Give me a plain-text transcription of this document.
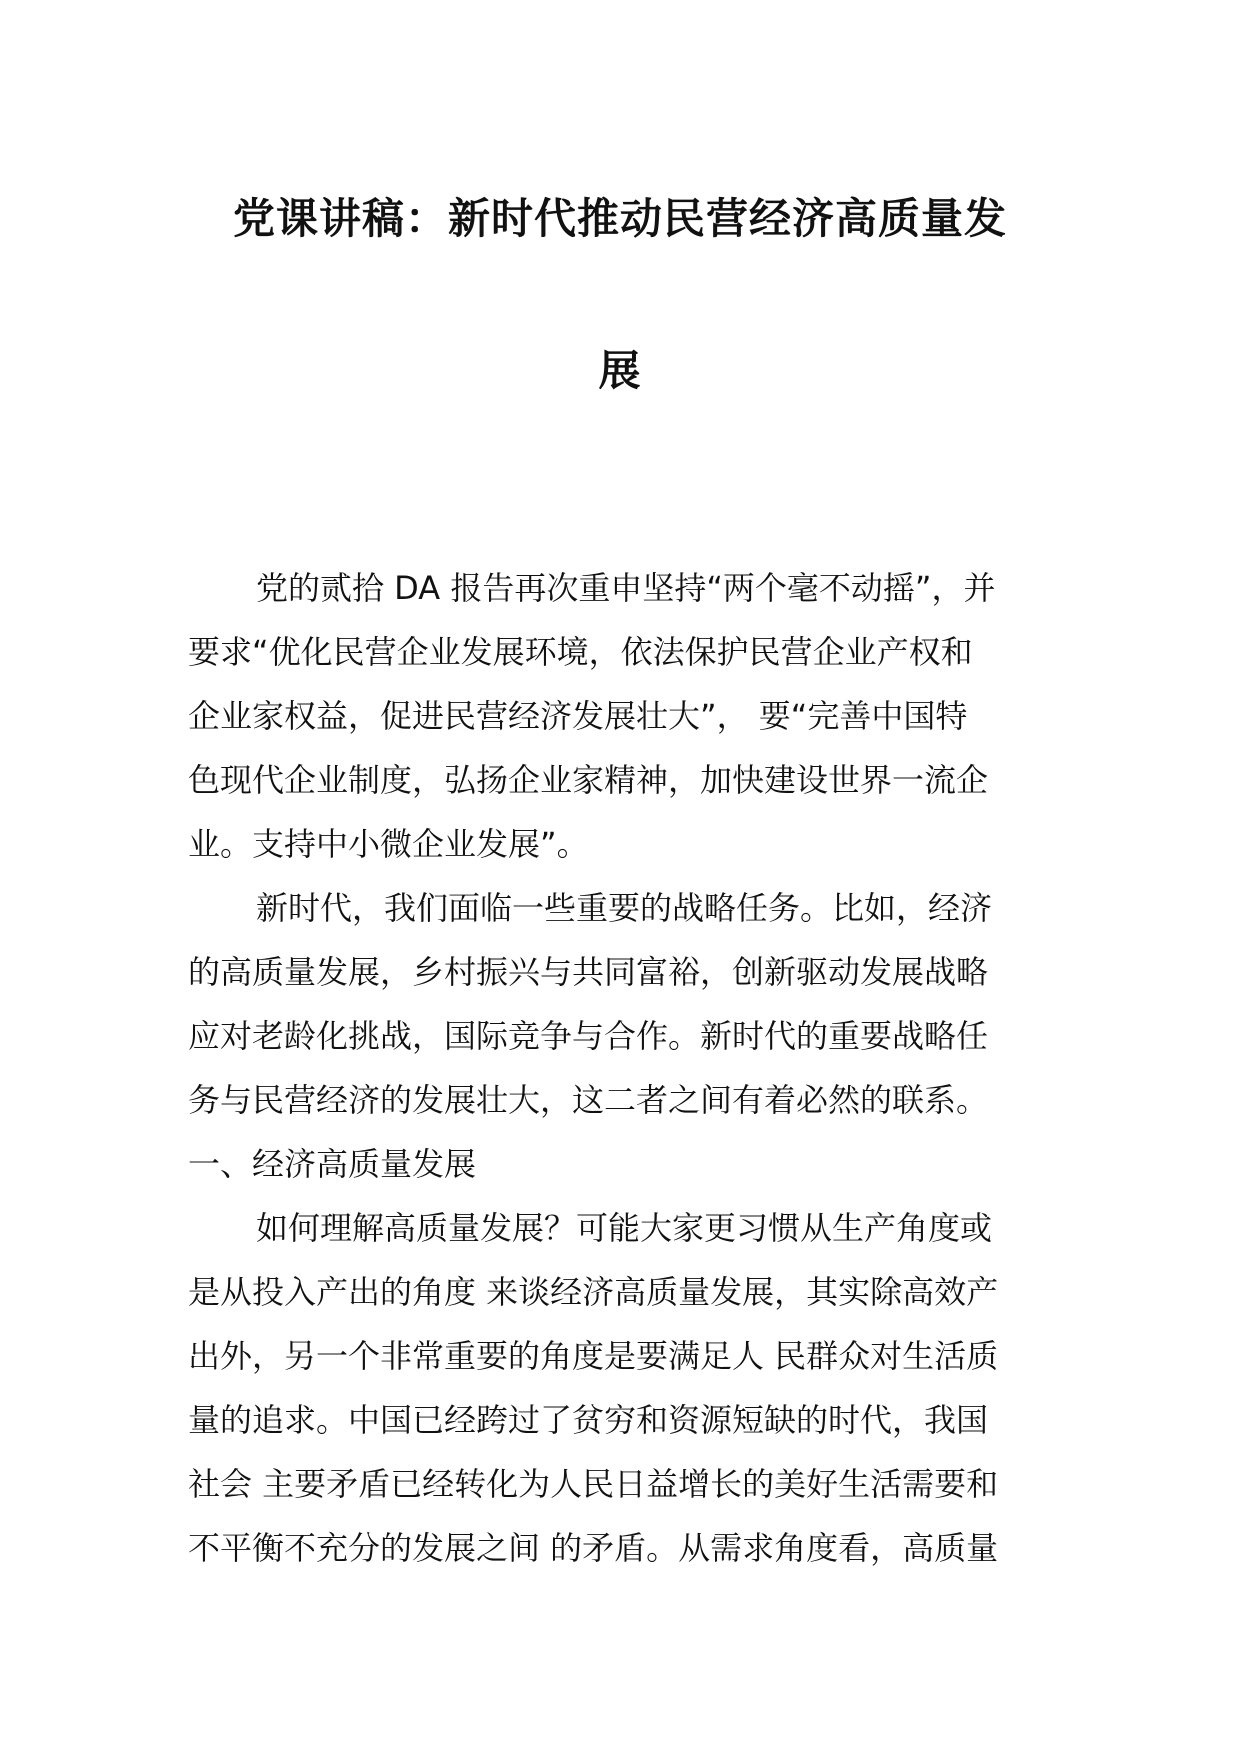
党课讲稿：新时代推动民营经济高质量发
展
党的贰拾 DA 报告再次重申坚持“两个毫不动摇”，并
要求“优化民营企业发展环境，依法保护民营企业产权和
企业家权益，促进民营经济发展壮大”， 要“完善中国特
色现代企业制度，弘扬企业家精神，加快建设世界一流企
业。支持中小微企业发展”。
新时代，我们面临一些重要的战略任务。比如，经济
的高质量发展，乡村振兴与共同富裕，创新驱动发展战略
应对老龄化挑战，国际竞争与合作。新时代的重要战略任
务与民营经济的发展壮大，这二者之间有着必然的联系。
一、经济高质量发展
如何理解高质量发展？可能大家更习惯从生产角度或
是从投入产出的角度 来谈经济高质量发展，其实除高效产
出外，另一个非常重要的角度是要满足人 民群众对生活质
量的追求。中国已经跨过了贫穷和资源短缺的时代，我国
社会 主要矛盾已经转化为人民日益增长的美好生活需要和
不平衡不充分的发展之间 的矛盾。从需求角度看，高质量
